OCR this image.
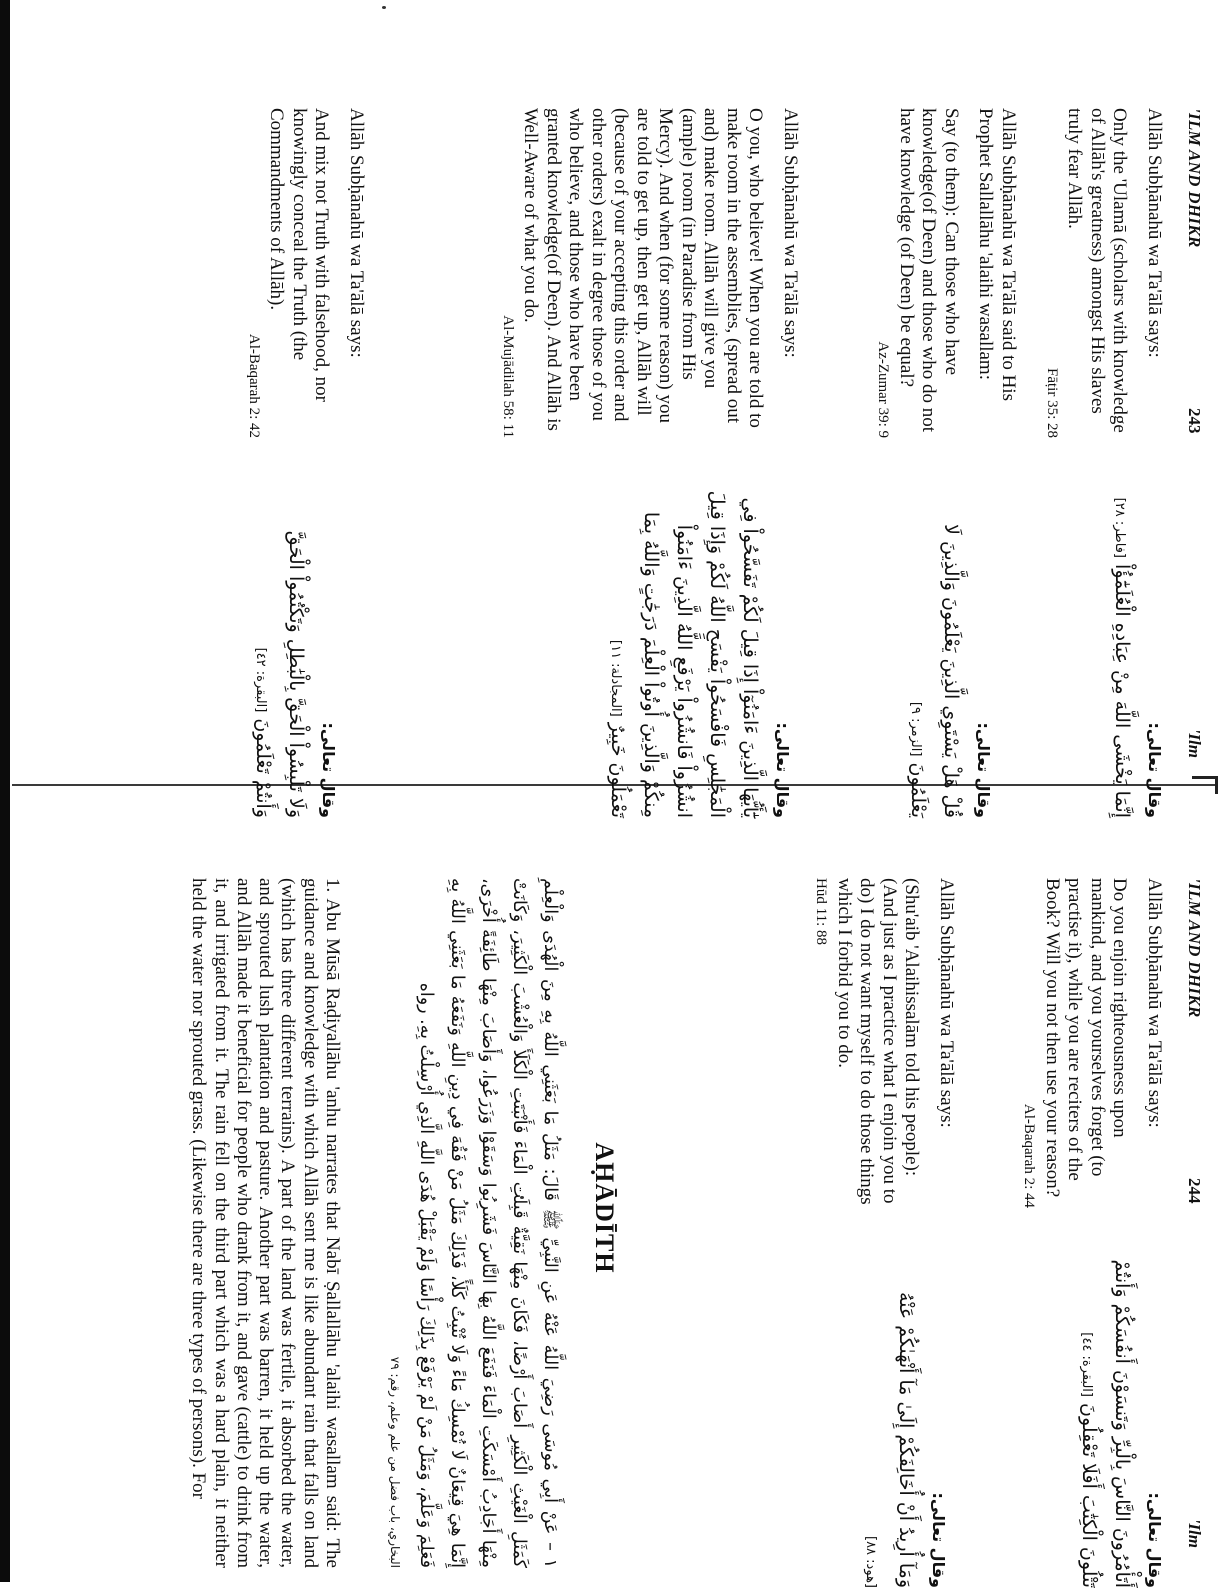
'ILM AND DHIKR
243
'Ilm

Allāh Subḥānahū wa Ta'ālā says:

Only the 'Ulamā (scholars with knowledge of Allāh's greatness) amongst His slaves truly fear Allāh.

Fāṭir 35: 28

وقال تعالى:
إِنَّمَا يَخْشَى اللَّهَ مِنْ عِبَادِهِ الْعُلَمَٰٓؤُاْ [فاطر: ٢٨]

Allāh Subḥānahū wa Ta'ālā said to His Prophet Sallallāhu 'alaihi wasallam:

Say (to them): Can those who have knowledge(of Deen) and those who do not have knowledge (of Deen) be equal?

Az-Zumar 39: 9

وقال تعالى:
قُلْ هَلْ يَسْتَوِي الَّذِينَ يَعْلَمُونَ وَالَّذِينَ لَا يَعْلَمُونَ [الزمر: ٩]

Allāh Subḥānahū wa Ta'ālā says:

O you, who believe! When you are told to make room in the assemblies, (spread out and) make room. Allāh will give you (ample) room (in Paradise from His Mercy). And when (for some reason) you are told to get up, then get up, Allāh will (because of your accepting this order and other orders) exalt in degree those of you who believe, and those who have been granted knowledge(of Deen). And Allāh is Well-Aware of what you do.

Al-Mujādilah 58: 11

وقال تعالى:
يَٰٓأَيُّهَا الَّذِينَ ءَامَنُوٓاْ إِذَا قِيلَ لَكُمْ تَفَسَّحُواْ فِي الْمَجَٰلِسِ فَافْسَحُواْ يَفْسَحِ اللَّهُ لَكُمْ وَإِذَا قِيلَ انشُزُواْ فَانشُزُواْ يَرْفَعِ اللَّهُ الَّذِينَ ءَامَنُواْ مِنكُمْ وَالَّذِينَ أُوتُواْ الْعِلْمَ دَرَجَٰتٍ وَاللَّهُ بِمَا تَعْمَلُونَ خَبِيرٌ [المجادلة: ١١]

Allāh Subḥānahū wa Ta'ālā says:

And mix not Truth with falsehood, nor knowingly conceal the Truth (the Commandments of Allāh).

Al-Baqarah 2: 42

وقال تعالى:
وَلَا تَلْبِسُواْ الْحَقَّ بِالْبَٰطِلِ وَتَكْتُمُواْ الْحَقَّ وَأَنتُمْ تَعْلَمُونَ [البقرة: ٤٢]
'ILM AND DHIKR
244
'Ilm

Allāh Subḥānahū wa Ta'ālā says:

Do you enjoin righteousness upon mankind, and you yourselves forget (to practise it), while you are reciters of the Book? Will you not then use your reason?

Al-Baqarah 2: 44

وقال تعالى:
أَتَأْمُرُونَ النَّاسَ بِالْبِرِّ وَتَنسَوْنَ أَنفُسَكُمْ وَأَنتُمْ تَتْلُونَ الْكِتَٰبَ أَفَلَا تَعْقِلُونَ [البقرة: ٤٤]

Allāh Subḥānahū wa Ta'ālā says:

(Shu'aib 'Alaihissalām told his people): (And just as I practice what I enjoin you to do) I do not want myself to do those things which I forbid you to do.

Hūd 11: 88

وقال تعالى:
وَمَآ أُرِيدُ أَنْ أُخَالِفَكُمْ إِلَىٰ مَآ أَنْهَىٰكُمْ عَنْهُ [هود: ٨٨]
AḤĀDĪTH
١ – عَنْ أَبِي مُوسَى رَضِيَ اللَّهُ عَنْهُ عَنِ النَّبِيِّ ﷺ قَالَ: مَثَلُ مَا بَعَثَنِي اللَّهُ بِهِ مِنَ الْهُدَى وَالْعِلْمِ كَمَثَلِ الْغَيْثِ الْكَثِيرِ أَصَابَ أَرْضًا، فَكَانَ مِنْهَا نَقِيَّةٌ قَبِلَتِ الْمَاءَ فَأَنْبَتَتِ الْكَلَأَ وَالْعُشْبَ الْكَثِيرَ، وَكَانَتْ مِنْهَا أَجَادِبُ أَمْسَكَتِ الْمَاءَ فَنَفَعَ اللَّهُ بِهَا النَّاسَ فَشَرِبُوا وَسَقَوْا وَزَرَعُوا، وَأَصَابَ مِنْهَا طَائِفَةً أُخْرَى، إِنَّمَا هِيَ قِيعَانٌ لَا تُمْسِكُ مَاءً وَلَا تُنْبِتُ كَلَأً، فَذَلِكَ مَثَلُ مَنْ فَقُهَ فِي دِينِ اللَّهِ وَنَفَعَهُ مَا بَعَثَنِي اللَّهُ بِهِ فَعَلِمَ وَعَلَّمَ، وَمَثَلُ مَنْ لَمْ يَرْفَعْ بِذَلِكَ رَأْسًا وَلَمْ يَقْبَلْ هُدَى اللَّهِ الَّذِي أُرْسِلْتُ بِهِ. رواه
البخاري، باب فضل من علم وعلم، رقم: ٧٩
1. Abu Mūsā Raḍiyallāhu 'anhu narrates that Nabī Ṣallallāhu 'alaihi wasallam said: The guidance and knowledge with which Allāh sent me is like abundant rain that falls on land (which has three different terrains). A part of the land was fertile, it absorbed the water, and sprouted lush plantation and pasture. Another part was barren, it held up the water, and Allāh made it beneficial for people who drank from it, and gave (cattle) to drink from it, and irrigated from it. The rain fell on the third part which was a hard plain, it neither held the water nor sprouted grass. (Likewise there are three types of persons). For
